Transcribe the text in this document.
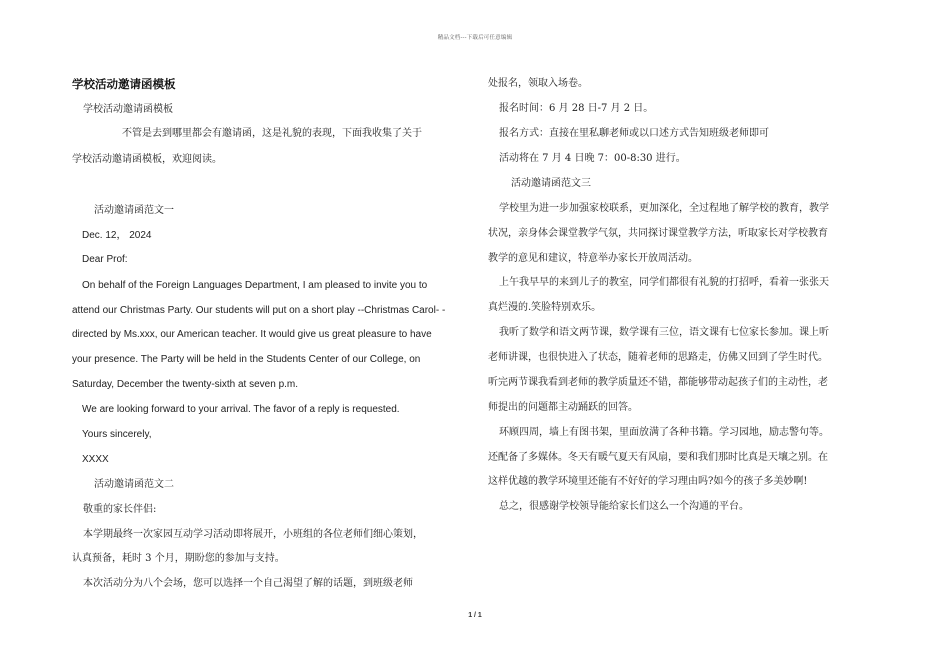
精品文档---下载后可任意编辑
学校活动邀请函模板
学校活动邀请函模板
不管是去到哪里都会有邀请函，这是礼貌的表现，下面我收集了关于
学校活动邀请函模板，欢迎阅读。
活动邀请函范文一
Dec. 12， 2024
Dear Prof:
On behalf of the Foreign Languages Department, I am pleased to invite you to
attend our Christmas Party. Our students will put on a short play --Christmas Carol- -
directed by Ms.xxx, our American teacher. It would give us great pleasure to have
your presence. The Party will be held in the Students Center of our College, on
Saturday, December the twenty-sixth at seven p.m.
We are looking forward to your arrival. The favor of a reply is requested.
Yours sincerely,
XXXX
活动邀请函范文二
敬重的家长伴侣:
本学期最终一次家园互动学习活动即将展开，小班组的各位老师们细心策划，
认真预备，耗时 3 个月，期盼您的参加与支持。
本次活动分为八个会场，您可以选择一个自己渴望了解的话题，到班级老师
处报名，领取入场卷。
报名时间：6 月 28 日-7 月 2 日。
报名方式：直接在里私聊老师或以口述方式告知班级老师即可
活动将在 7 月 4 日晚 7：00-8:30 进行。
活动邀请函范文三
学校里为进一步加强家校联系，更加深化，全过程地了解学校的教育，教学
状况，亲身体会课堂教学气氛，共同探讨课堂教学方法，听取家长对学校教育
教学的意见和建议，特意举办家长开放周活动。
上午我早早的来到儿子的教室，同学们都很有礼貌的打招呼，看着一张张天
真烂漫的.笑脸特别欢乐。
我听了数学和语文两节课，数学课有三位，语文课有七位家长参加。课上听
老师讲课，也很快进入了状态，随着老师的思路走，仿佛又回到了学生时代。
听完两节课我看到老师的教学质量还不错，都能够带动起孩子们的主动性，老
师提出的问题都主动踊跃的回答。
环顾四周，墙上有图书架，里面放满了各种书籍。学习园地，励志警句等。
还配备了多媒体。冬天有暖气夏天有风扇，要和我们那时比真是天壤之别。在
这样优越的教学环境里还能有不好好的学习理由吗?如今的孩子多美妙啊!
总之，很感谢学校领导能给家长们这么一个沟通的平台。
1 / 1
